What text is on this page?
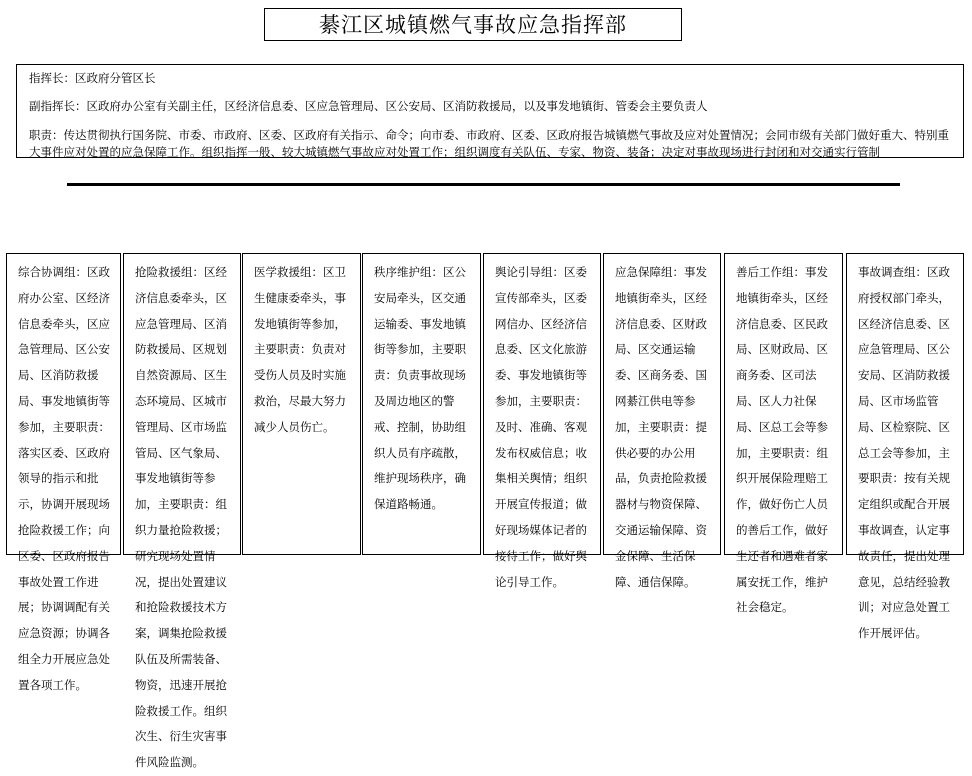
綦江区城镇燃气事故应急指挥部
指挥长：区政府分管区长
副指挥长：区政府办公室有关副主任，区经济信息委、区应急管理局、区公安局、区消防救援局，以及事发地镇街、管委会主要负责人
职责：传达贯彻执行国务院、市委、市政府、区委、区政府有关指示、命令；向市委、市政府、区委、区政府报告城镇燃气事故及应对处置情况；会同市级有关部门做好重大、特别重大事件应对处置的应急保障工作。组织指挥一般、较大城镇燃气事故应对处置工作；组织调度有关队伍、专家、物资、装备；决定对事故现场进行封闭和对交通实行管制
综合协调组：区政府办公室、区经济信息委牵头，区应急管理局、区公安局、区消防救援局、事发地镇街等参加，主要职责：落实区委、区政府领导的指示和批示，协调开展现场抢险救援工作；向区委、区政府报告事故处置工作进展；协调调配有关应急资源；协调各组全力开展应急处置各项工作。
抢险救援组：区经济信息委牵头，区应急管理局、区消防救援局、区规划自然资源局、区生态环境局、区城市管理局、区市场监管局、区气象局、事发地镇街等参加，主要职责：组织力量抢险救援；研究现场处置情况，提出处置建议和抢险救援技术方案，调集抢险救援队伍及所需装备、物资，迅速开展抢险救援工作。组织次生、衍生灾害事件风险监测。
医学救援组：区卫生健康委牵头，事发地镇街等参加，主要职责：负责对受伤人员及时实施救治，尽最大努力减少人员伤亡。
秩序维护组：区公安局牵头，区交通运输委、事发地镇街等参加，主要职责：负责事故现场及周边地区的警戒、控制，协助组织人员有序疏散，维护现场秩序，确保道路畅通。
舆论引导组：区委宣传部牵头，区委网信办、区经济信息委、区文化旅游委、事发地镇街等参加，主要职责：及时、准确、客观发布权威信息；收集相关舆情；组织开展宣传报道；做好现场媒体记者的接待工作；做好舆论引导工作。
应急保障组：事发地镇街牵头，区经济信息委、区财政局、区交通运输委、区商务委、国网綦江供电等参加，主要职责：提供必要的办公用品，负责抢险救援器材与物资保障、交通运输保障、资金保障、生活保障、通信保障。
善后工作组：事发地镇街牵头，区经济信息委、区民政局、区财政局、区商务委、区司法局、区人力社保局、区总工会等参加，主要职责：组织开展保险理赔工作，做好伤亡人员的善后工作，做好生还者和遇难者家属安抚工作，维护社会稳定。
事故调查组：区政府授权部门牵头，区经济信息委、区应急管理局、区公安局、区消防救援局、区市场监管局、区检察院、区总工会等参加，主要职责：按有关规定组织或配合开展事故调查，认定事故责任，提出处理意见，总结经验教训；对应急处置工作开展评估。
